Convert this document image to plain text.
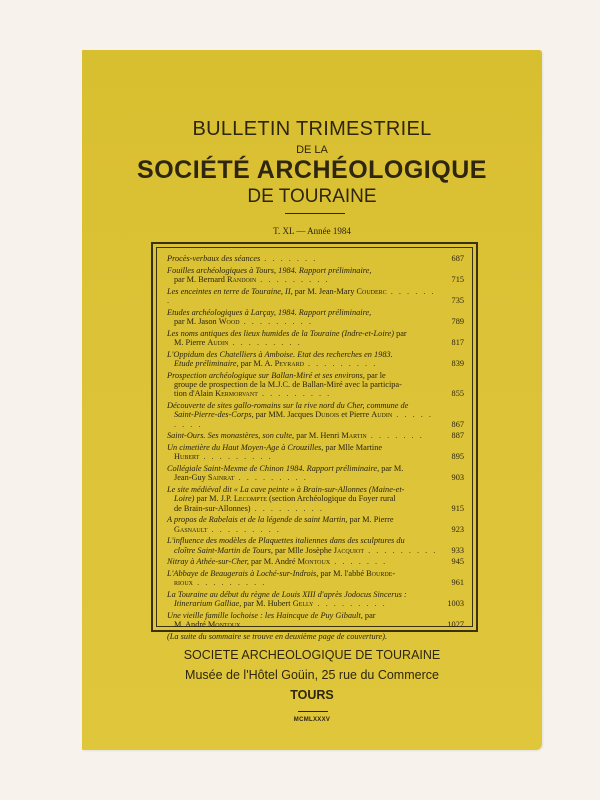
BULLETIN TRIMESTRIEL
DE LA
SOCIÉTÉ ARCHÉOLOGIQUE
DE TOURAINE
T. XL — Année 1984
Procès-verbaux des séances . . . . . . .	687
Fouilles archéologiques à Tours, 1984. Rapport préliminaire,
par M. Bernard Randoin . . . . . . . . .	715
Les enceintes en terre de Touraine, II, par M. Jean-Mary Couderc . . . . . . .	735
Etudes archéologiques à Larçay, 1984. Rapport préliminaire,
par M. Jason Wood . . . . . . . . .	789
Les noms antiques des lieux humides de la Touraine (Indre-et-Loire) par
M. Pierre Audin . . . . . . . . .	817
L'Oppidum des Chatelliers à Amboise. Etat des recherches en 1983.
Etude préliminaire, par M. A. Peyrard . . . . . . . . .	839
Prospection archéologique sur Ballan-Miré et ses environs, par le
groupe de prospection de la M.J.C. de Ballan-Miré avec la participa-
tion d'Alain Kermorvant . . . . . . . . .	855
Découverte de sites gallo-romains sur la rive nord du Cher, commune de
Saint-Pierre-des-Corps, par MM. Jacques Dubois et Pierre Audin . . . . . . . . .	867
Saint-Ours. Ses monastères, son culte, par M. Henri Martin . . . . . . .	887
Un cimetière du Haut Moyen-Age à Crouzilles, par Mlle Martine
Hubert . . . . . . . . .	895
Collégiale Saint-Mexme de Chinon 1984. Rapport préliminaire, par M.
Jean-Guy Sainrat . . . . . . . . .	903
Le site médiéval dit « La cave peinte » à Brain-sur-Allonnes (Maine-et-
Loire) par M. J.P. Lecompte (section Archéologique du Foyer rural
de Brain-sur-Allonnes) . . . . . . . . .	915
A propos de Rabelais et de la légende de saint Martin, par M. Pierre
Gasnault . . . . . . . . .	923
L'influence des modèles de Plaquettes italiennes dans des sculptures du
cloître Saint-Martin de Tours, par Mlle Josèphe Jacquiot . . . . . . . . .	933
Nitray à Athée-sur-Cher, par M. André Montoux . . . . . . .	945
L'Abbaye de Beaugerais à Loché-sur-Indrois, par M. l'abbé Bourde-
rioux . . . . . . . . .	961
La Touraine au début du règne de Louis XIII d'après Jodocus Sincerus :
Itinerarium Galliae, par M. Hubert Gelly . . . . . . . . .	1003
Une vieille famille lochoise : les Haincque de Puy Gibault, par
M. André Montoux . . . . . . . . .	1027
(La suite du sommaire se trouve en deuxième page de couverture).
SOCIETE ARCHEOLOGIQUE DE TOURAINE
Musée de l'Hôtel Goüin, 25 rue du Commerce
TOURS
MCMLXXXV
